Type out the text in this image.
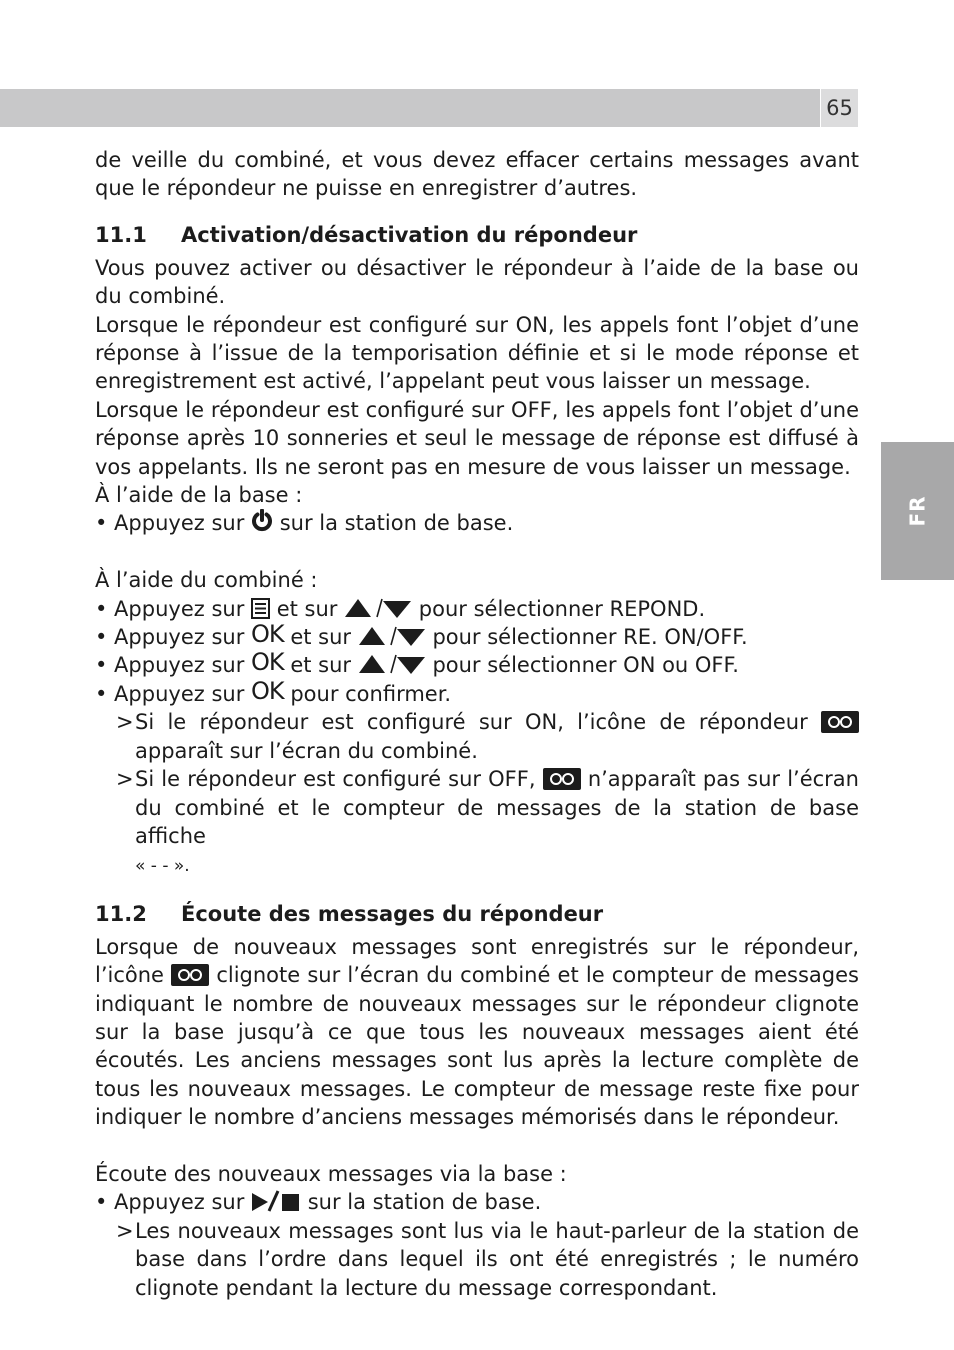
65
FR

de veille du combiné, et vous devez effacer certains messages avant que le répondeur ne puisse en enregistrer d’autres.

11.1 Activation/désactivation du répondeur

Vous pouvez activer ou désactiver le répondeur à l’aide de la base ou du combiné.

Lorsque le répondeur est configuré sur ON, les appels font l’objet d’une réponse à l’issue de la temporisation définie et si le mode réponse et enregistrement est activé, l’appelant peut vous laisser un message.

Lorsque le répondeur est configuré sur OFF, les appels font l’objet d’une réponse après 10 sonneries et seul le message de réponse est diffusé à vos appelants. Ils ne seront pas en mesure de vous laisser un message.

À l’aide de la base :

• Appuyez sur sur la station de base.

À l’aide du combiné :

• Appuyez sur et sur	pour sélectionner REPOND.

• Appuyez sur OK et sur	pour sélectionner RE. ON/OFF.

• Appuyez sur OK et sur	pour sélectionner ON ou OFF.

• Appuyez sur OK pour confirmer.

> Si le répondeur est configuré sur ON, l’icône de répondeur
apparaît sur l’écran du combiné.
> Si le répondeur est configuré sur OFF, n’apparaît pas sur l’écran du combiné et le compteur de messages de la station de base affiche
« - - ».

11.2 Écoute des messages du répondeur

Lorsque de nouveaux messages sont enregistrés sur le répondeur, l’icône clignote sur l’écran du combiné et le compteur de messages indiquant le nombre de nouveaux messages sur le répondeur clignote sur la base jusqu’à ce que tous les nouveaux messages aient été écoutés. Les anciens messages sont lus après la lecture complète de tous les nouveaux messages. Le compteur de message reste fixe pour indiquer le nombre d’anciens messages mémorisés dans le répondeur.

Écoute des nouveaux messages via la base :

• Appuyez sur	sur la station de base.

> Les nouveaux messages sont lus via le haut-parleur de la station de base dans l’ordre dans lequel ils ont été enregistrés ; le numéro clignote pendant la lecture du message correspondant.
